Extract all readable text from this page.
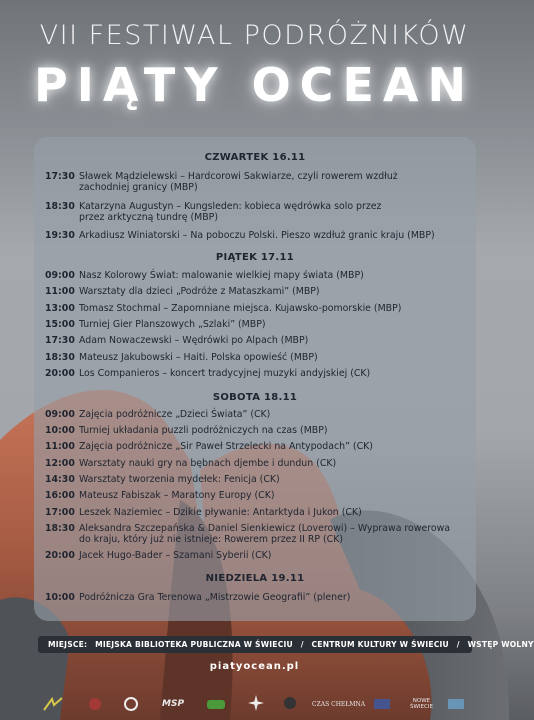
VII FESTIWAL PODRÓŻNIKÓW
PIĄTY OCEAN
CZWARTEK 16.11
17:30 Sławek Mądzielewski – Hardcorowi Sakwiarze, czyli rowerem wzdłuż
zachodniej granicy (MBP)
18:30 Katarzyna Augustyn – Kungsleden: kobieca wędrówka solo przez
przez arktyczną tundrę (MBP)
19:30 Arkadiusz Winiatorski – Na poboczu Polski. Pieszo wzdłuż granic kraju (MBP)
PIĄTEK 17.11
09:00 Nasz Kolorowy Świat: malowanie wielkiej mapy świata (MBP)
11:00 Warsztaty dla dzieci „Podróże z Mataszkami” (MBP)
13:00 Tomasz Stochmal – Zapomniane miejsca. Kujawsko-pomorskie (MBP)
15:00 Turniej Gier Planszowych „Szlaki” (MBP)
17:30 Adam Nowaczewski – Wędrówki po Alpach (MBP)
18:30 Mateusz Jakubowski – Haiti. Polska opowieść (MBP)
20:00 Los Companieros – koncert tradycyjnej muzyki andyjskiej (CK)
SOBOTA 18.11
09:00 Zajęcia podróżnicze „Dzieci Świata” (CK)
10:00 Turniej układania puzzli podróżniczych na czas (MBP)
11:00 Zajęcia podróżnicze „Sir Paweł Strzelecki na Antypodach” (CK)
12:00 Warsztaty nauki gry na bębnach djembe i dundun (CK)
14:30 Warsztaty tworzenia mydełek: Fenicja (CK)
16:00 Mateusz Fabiszak – Maratony Europy (CK)
17:00 Leszek Naziemiec – Dzikie pływanie: Antarktyda i Jukon (CK)
18:30 Aleksandra Szczepańska & Daniel Sienkiewicz (Loverowi) – Wyprawa rowerowa
do kraju, który już nie istnieje: Rowerem przez II RP (CK)
20:00 Jacek Hugo-Bader – Szamani Syberii (CK)
NIEDZIELA 19.11
10:00 Podróżnicza Gra Terenowa „Mistrzowie Geografii” (plener)
MIEJSCE: MIEJSKA BIBLIOTEKA PUBLICZNA W ŚWIECIU / CENTRUM KULTURY W ŚWIECIU / WSTĘP WOLNY
piatyocean.pl
MSP	CZAS CHEŁMNA	NOWE
ŚWIECIE
